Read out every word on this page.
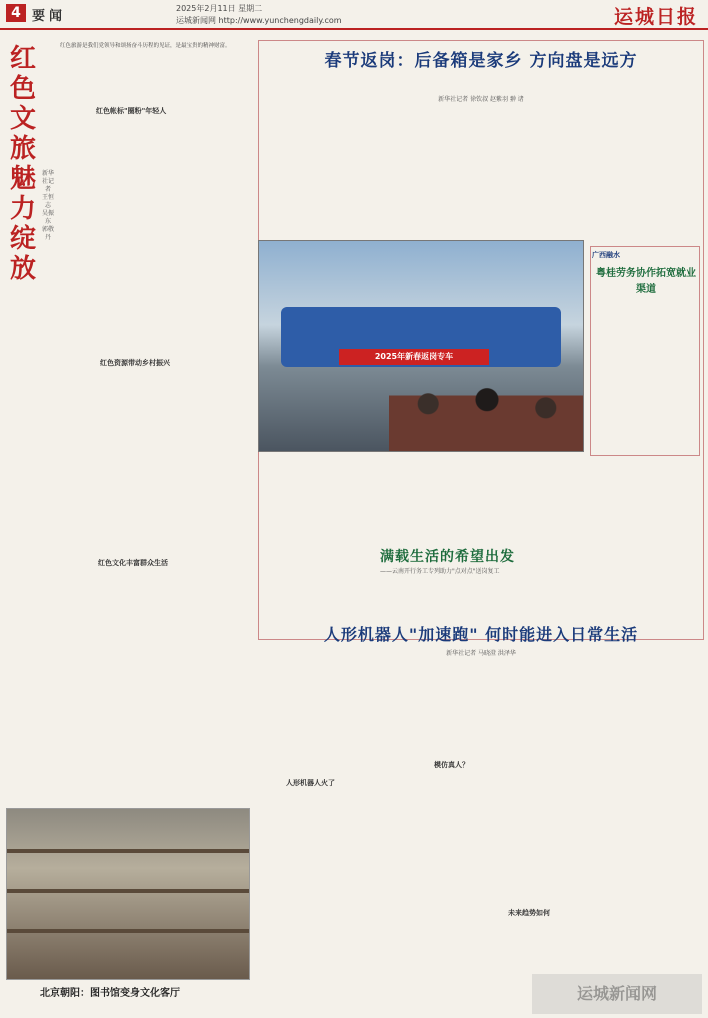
4 要闻
2025年2月11日 星期二
运城新闻网 http://www.yunchengdaily.com	运城日报
红色文旅魅力绽放
新华社记者 王恒志 吴振东 郭敬丹
红色旅游是我们党领导和颂扬奋斗历程的见证，是最宝贵的精神财富。
红色帐标"圈粉"年轻人
红色资源带动乡村振兴
红色文化丰富群众生活
北京朝阳：图书馆变身文化客厅
春节返岗：后备箱是家乡 方向盘是远方
新华社记者 徐钦叔 赵紫羽 翀 诸
2025年新春返岗专车
广西融水
粤桂劳务协作拓宽就业渠道
满载生活的希望出发
——云南开行务工专列助力"点对点"送岗复工
人形机器人"加速跑" 何时能进入日常生活
新华社记者 马晓澄 洪泽华
人形机器人火了
模仿真人？
未来趋势如何
运城新闻网
